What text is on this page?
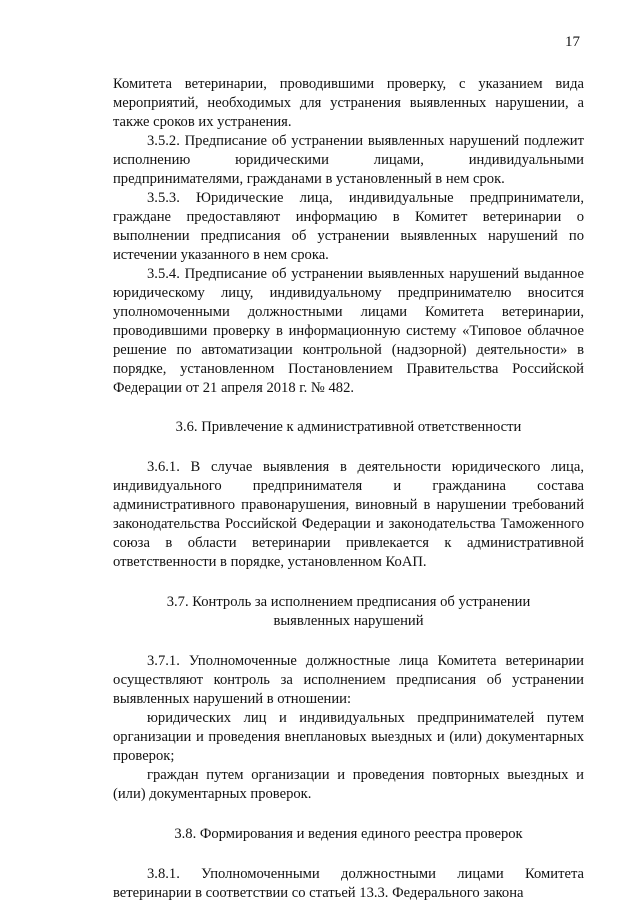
17

Комитета ветеринарии, проводившими проверку, с указанием вида мероприятий, необходимых для устранения выявленных нарушении, а также сроков их устранения.

3.5.2. Предписание об устранении выявленных нарушений подлежит исполнению юридическими лицами, индивидуальными предпринимателями, гражданами в установленный в нем срок.

3.5.3. Юридические лица, индивидуальные предприниматели, граждане предоставляют информацию в Комитет ветеринарии о выполнении предписания об устранении выявленных нарушений по истечении указанного в нем срока.

3.5.4. Предписание об устранении выявленных нарушений выданное юридическому лицу, индивидуальному предпринимателю вносится уполномоченными должностными лицами Комитета ветеринарии, проводившими проверку в информационную систему «Типовое облачное решение по автоматизации контрольной (надзорной) деятельности» в порядке, установленном Постановлением Правительства Российской Федерации от 21 апреля 2018 г. № 482.

3.6. Привлечение к административной ответственности

3.6.1. В случае выявления в деятельности юридического лица, индивидуального предпринимателя и гражданина состава административного правонарушения, виновный в нарушении требований законодательства Российской Федерации и законодательства Таможенного союза в области ветеринарии привлекается к административной ответственности в порядке, установленном КоАП.

3.7. Контроль за исполнением предписания об устранении

выявленных нарушений

3.7.1. Уполномоченные должностные лица Комитета ветеринарии осуществляют контроль за исполнением предписания об устранении выявленных нарушений в отношении:

юридических лиц и индивидуальных предпринимателей путем организации и проведения внеплановых выездных и (или) документарных проверок;

граждан путем организации и проведения повторных выездных и (или) документарных проверок.

3.8. Формирования и ведения единого реестра проверок

3.8.1. Уполномоченными должностными лицами Комитета ветеринарии в соответствии со статьей 13.3. Федерального закона
